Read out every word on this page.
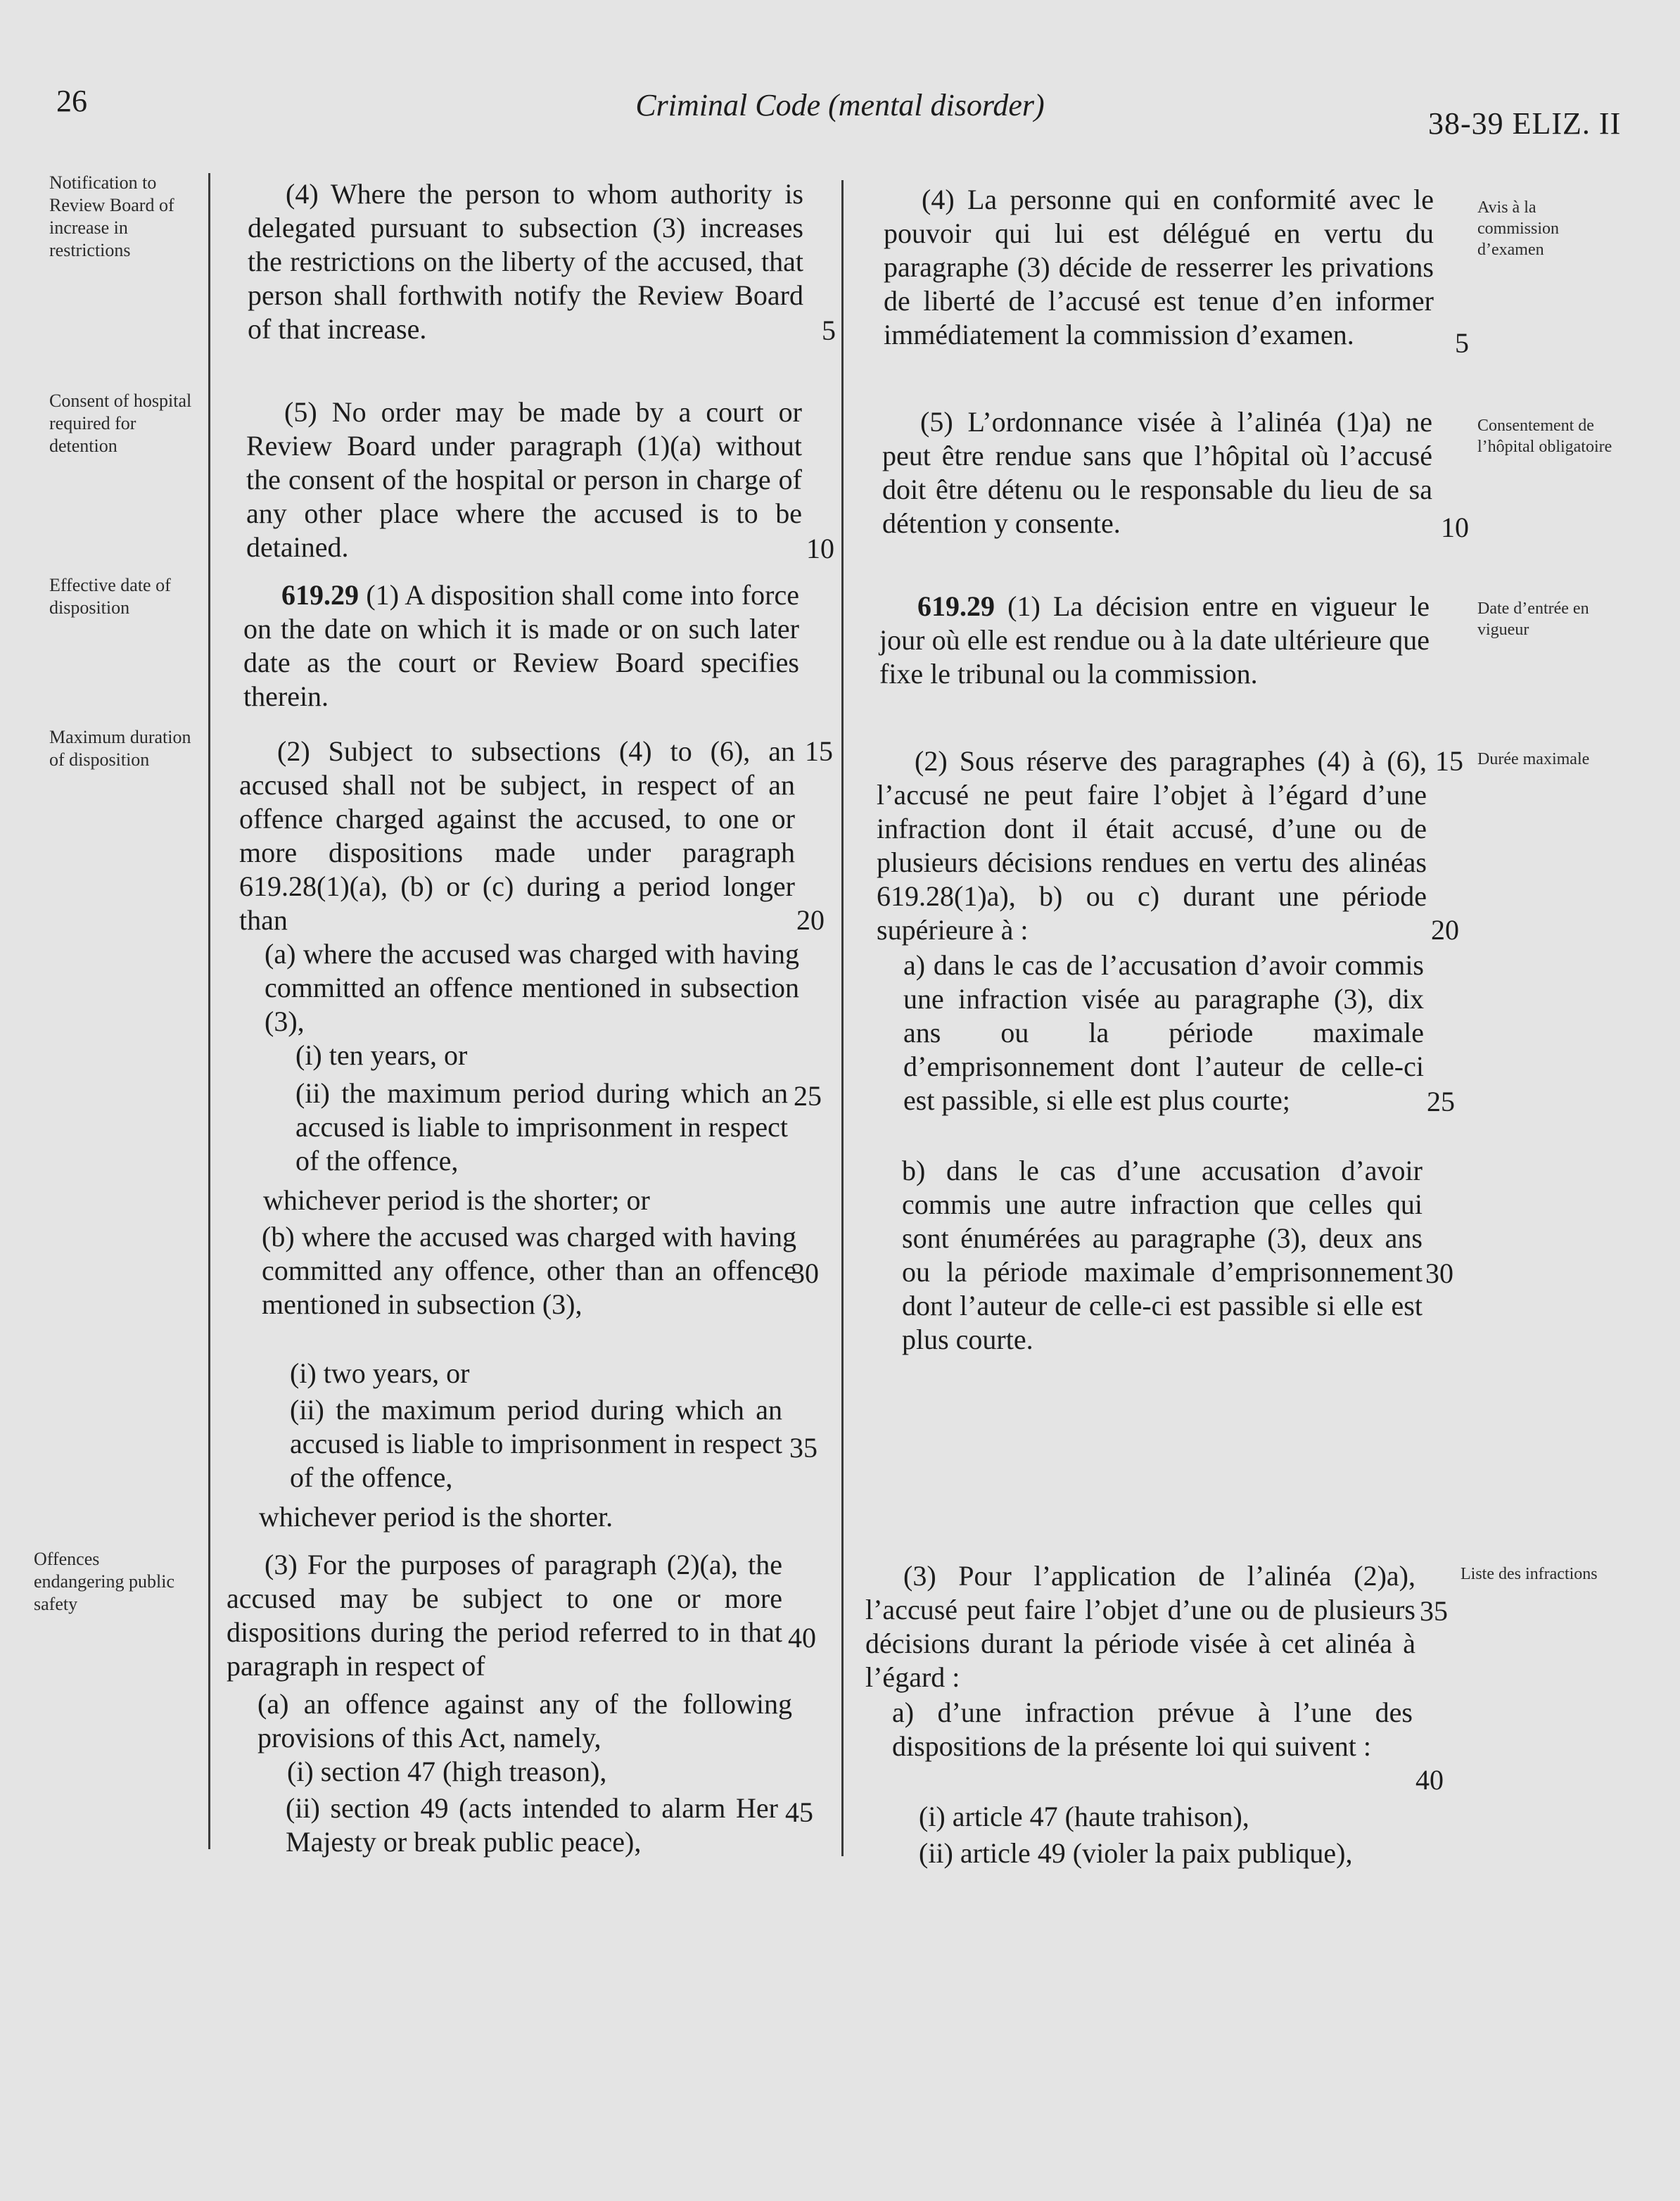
26	Criminal Code (mental disorder)
38-39 ELIZ. II
Notification to Review Board of increase in restrictions
Consent of hospital required for detention
Effective date of disposition
Maximum duration of disposition
Offences endangering public safety
Avis à la commission d’examen
Consentement de l’hôpital obligatoire
Date d’entrée en vigueur
Durée maximale
Liste des infractions

(4) Where the person to whom authority is delegated pursuant to subsection (3) increases the restrictions on the liberty of the accused, that person shall forthwith notify the Review Board of that increase.

(5) No order may be made by a court or Review Board under paragraph (1)(a) without the consent of the hospital or person in charge of any other place where the accused is to be detained.

619.29 (1) A disposition shall come into force on the date on which it is made or on such later date as the court or Review Board specifies therein.

(2) Subject to subsections (4) to (6), an accused shall not be subject, in respect of an offence charged against the accused, to one or more dispositions made under paragraph 619.28(1)(a), (b) or (c) during a period longer than

(a) where the accused was charged with having committed an offence mentioned in subsection (3),

(i) ten years, or

(ii) the maximum period during which an accused is liable to imprisonment in respect of the offence,

whichever period is the shorter; or

(b) where the accused was charged with having committed any offence, other than an offence mentioned in subsection (3),

(i) two years, or

(ii) the maximum period during which an accused is liable to imprisonment in respect of the offence,

whichever period is the shorter.

(3) For the purposes of paragraph (2)(a), the accused may be subject to one or more dispositions during the period referred to in that paragraph in respect of

(a) an offence against any of the following provisions of this Act, namely,

(i) section 47 (high treason),

(ii) section 49 (acts intended to alarm Her Majesty or break public peace),

5
10
15
20
25
30
35
40
45

(4) La personne qui en conformité avec le pouvoir qui lui est délégué en vertu du paragraphe (3) décide de resserrer les privations de liberté de l’accusé est tenue d’en informer immédiatement la commission d’examen.

(5) L’ordonnance visée à l’alinéa (1)a) ne peut être rendue sans que l’hôpital où l’accusé doit être détenu ou le responsable du lieu de sa détention y consente.

619.29 (1) La décision entre en vigueur le jour où elle est rendue ou à la date ultérieure que fixe le tribunal ou la commission.

(2) Sous réserve des paragraphes (4) à (6), l’accusé ne peut faire l’objet à l’égard d’une infraction dont il était accusé, d’une ou de plusieurs décisions rendues en vertu des alinéas 619.28(1)a), b) ou c) durant une période supérieure à :

a) dans le cas de l’accusation d’avoir commis une infraction visée au paragraphe (3), dix ans ou la période maximale d’emprisonnement dont l’auteur de celle-ci est passible, si elle est plus courte;

b) dans le cas d’une accusation d’avoir commis une autre infraction que celles qui sont énumérées au paragraphe (3), deux ans ou la période maximale d’emprisonnement dont l’auteur de celle-ci est passible si elle est plus courte.

(3) Pour l’application de l’alinéa (2)a), l’accusé peut faire l’objet d’une ou de plusieurs décisions durant la période visée à cet alinéa à l’égard :

a) d’une infraction prévue à l’une des dispositions de la présente loi qui suivent :

(i) article 47 (haute trahison),

(ii) article 49 (violer la paix publique),

5
10
15
20
25
30
35
40
